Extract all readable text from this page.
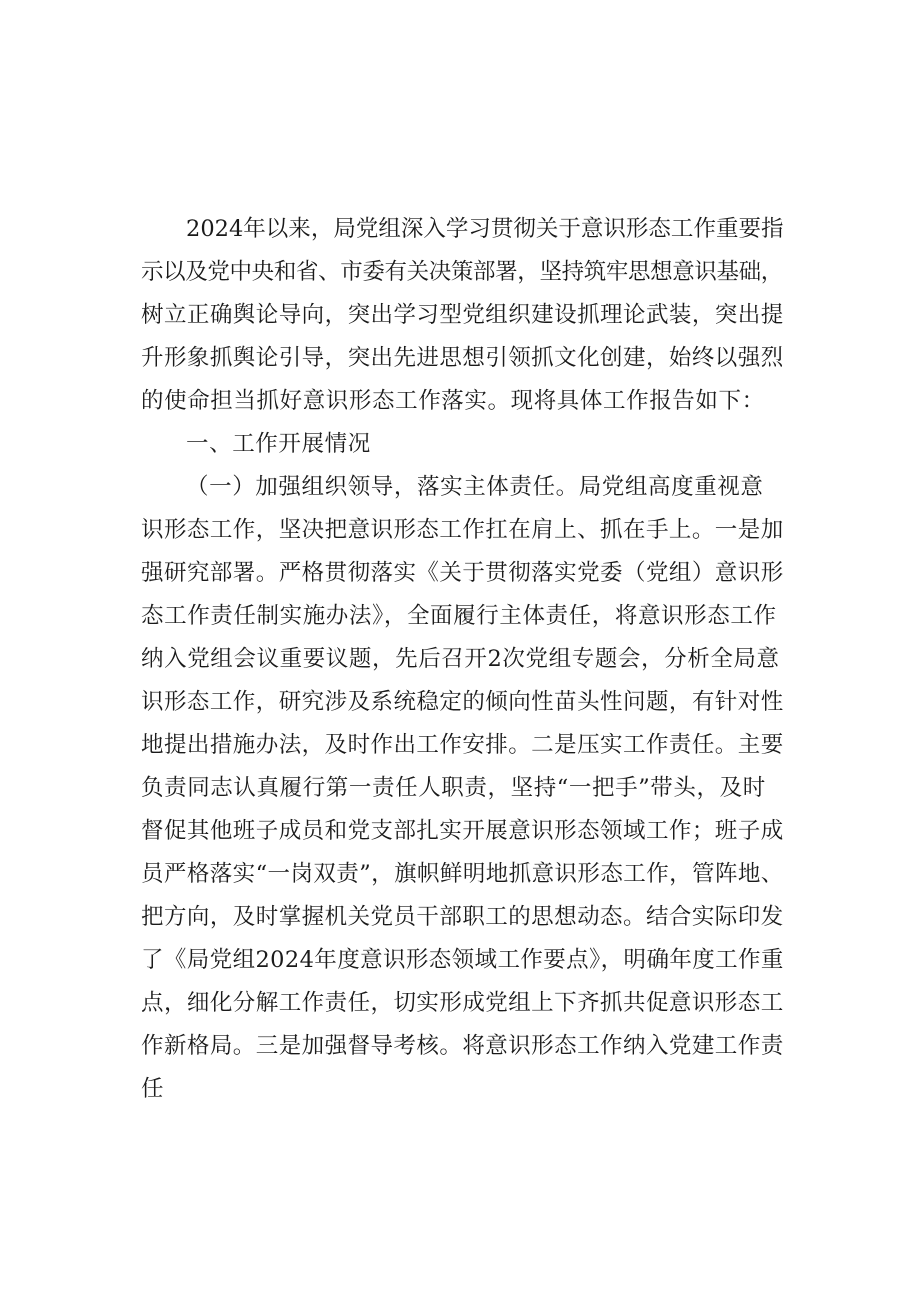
2024年以来，局党组深入学习贯彻关于意识形态工作重要指
示以及党中央和省、市委有关决策部署，坚持筑牢思想意识基础，
树立正确舆论导向，突出学习型党组织建设抓理论武装，突出提
升形象抓舆论引导，突出先进思想引领抓文化创建，始终以强烈
的使命担当抓好意识形态工作落实。现将具体工作报告如下：
一、工作开展情况
（一）加强组织领导，落实主体责任。局党组高度重视意
识形态工作，坚决把意识形态工作扛在肩上、抓在手上。一是加
强研究部署。严格贯彻落实《关于贯彻落实党委（党组）意识形
态工作责任制实施办法》，全面履行主体责任，将意识形态工作
纳入党组会议重要议题，先后召开2次党组专题会，分析全局意
识形态工作，研究涉及系统稳定的倾向性苗头性问题，有针对性
地提出措施办法，及时作出工作安排。二是压实工作责任。主要
负责同志认真履行第一责任人职责，坚持“一把手”带头，及时
督促其他班子成员和党支部扎实开展意识形态领域工作；班子成
员严格落实“一岗双责”，旗帜鲜明地抓意识形态工作，管阵地、
把方向，及时掌握机关党员干部职工的思想动态。结合实际印发
了《局党组2024年度意识形态领域工作要点》，明确年度工作重
点，细化分解工作责任，切实形成党组上下齐抓共促意识形态工
作新格局。三是加强督导考核。将意识形态工作纳入党建工作责
任
